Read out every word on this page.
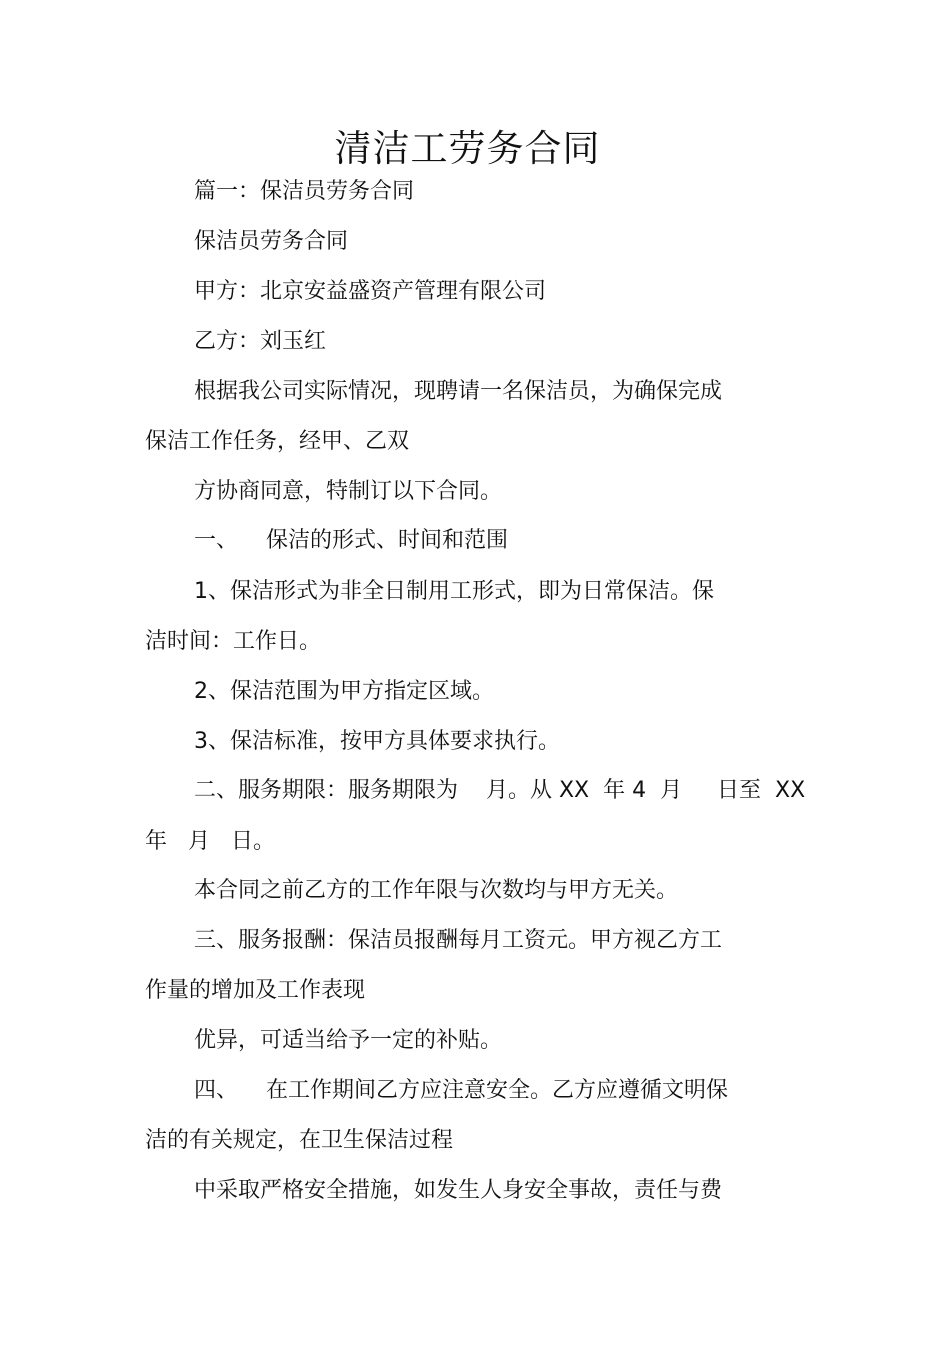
清洁工劳务合同
篇一：保洁员劳务合同
保洁员劳务合同
甲方：北京安益盛资产管理有限公司
乙方：刘玉红
根据我公司实际情况，现聘请一名保洁员，为确保完成
保洁工作任务，经甲、乙双
方协商同意，特制订以下合同。
一、    保洁的形式、时间和范围
1、保洁形式为非全日制用工形式，即为日常保洁。保
洁时间：工作日。
2、保洁范围为甲方指定区域。
3、保洁标准，按甲方具体要求执行。
二、服务期限：服务期限为    月。从 XX  年 4  月     日至  XX
年   月   日。
本合同之前乙方的工作年限与次数均与甲方无关。
三、服务报酬：保洁员报酬每月工资元。甲方视乙方工
作量的增加及工作表现
优异，可适当给予一定的补贴。
四、    在工作期间乙方应注意安全。乙方应遵循文明保
洁的有关规定，在卫生保洁过程
中采取严格安全措施，如发生人身安全事故，责任与费
